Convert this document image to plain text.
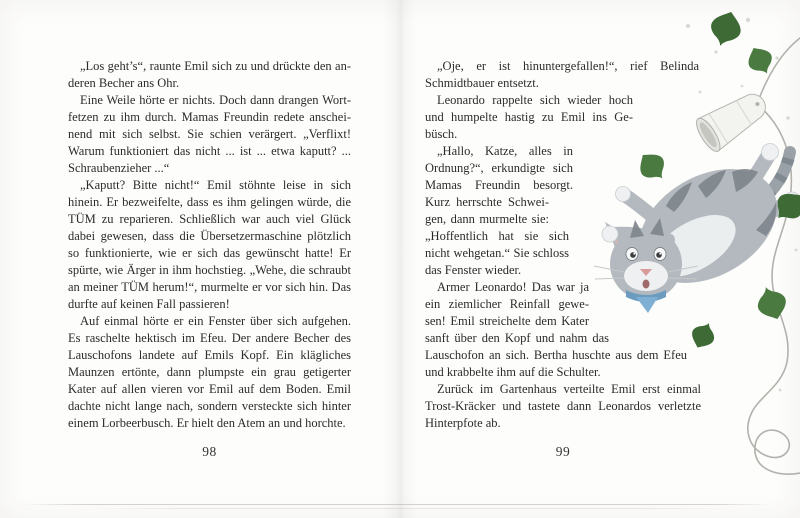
„Los geht’s“, raunte Emil sich zu und drückte den anderen Becher ans Ohr.

Eine Weile hörte er nichts. Doch dann drangen Wortfetzen zu ihm durch. Mamas Freundin redete anscheinend mit sich selbst. Sie schien verärgert. „Verflixt! Warum funktioniert das nicht ... ist ... etwa kaputt? ... Schraubenzieher ...“

„Kaputt? Bitte nicht!“ Emil stöhnte leise in sich hinein. Er bezweifelte, dass es ihm gelingen würde, die TÜM zu reparieren. Schließlich war auch viel Glück dabei gewesen, dass die Übersetzermaschine plötzlich so funktionierte, wie er sich das gewünscht hatte! Er spürte, wie Ärger in ihm hochstieg. „Wehe, die schraubt an meiner TÜM herum!“, murmelte er vor sich hin. Das durfte auf keinen Fall passieren!

Auf einmal hörte er ein Fenster über sich aufgehen. Es raschelte hektisch im Efeu. Der andere Becher des Lauschofons landete auf Emils Kopf. Ein klägliches Maunzen ertönte, dann plumpste ein grau getigerter Kater auf allen vieren vor Emil auf dem Boden. Emil dachte nicht lange nach, sondern versteckte sich hinter einem Lorbeerbusch. Er hielt den Atem an und horchte.

98

„Oje, er ist hinuntergefallen!“, rief Belinda Schmidtbauer entsetzt.

Leonardo rappelte sich wieder hoch und humpelte hastig zu Emil ins Gebüsch.

„Hallo, Katze, alles in Ordnung?“, erkundigte sich Mamas Freundin besorgt. Kurz herrschte Schweigen, dann murmelte sie: „Hoffentlich hat sie sich nicht wehgetan.“ Sie schloss das Fenster wieder.

Armer Leonardo! Das war ja ein ziemlicher Reinfall gewesen! Emil streichelte dem Kater sanft über den Kopf und nahm das Lauschofon an sich. Bertha huschte aus dem Efeu und krabbelte ihm auf die Schulter.

Zurück im Gartenhaus verteilte Emil erst einmal Trost-Kräcker und tastete dann Leonardos verletzte Hinterpfote ab.

99
